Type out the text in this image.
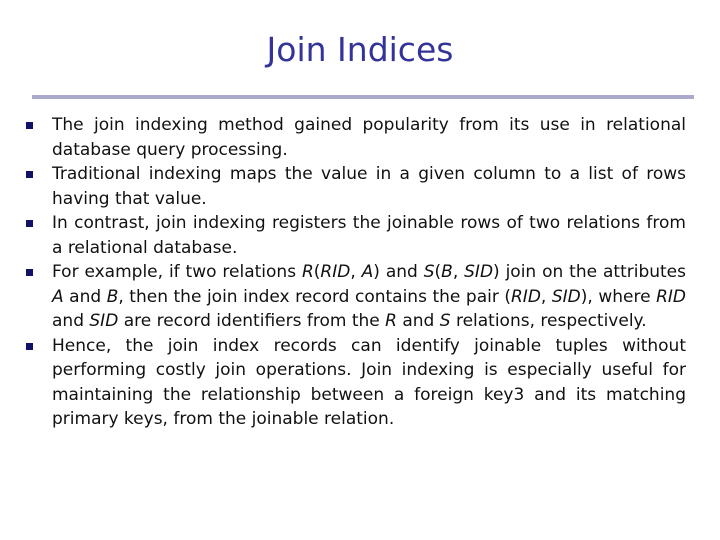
Join Indices
The join indexing method gained popularity from its use in relational database query processing.
Traditional indexing maps the value in a given column to a list of rows having that value.
In contrast, join indexing registers the joinable rows of two relations from a relational database.
For example, if two relations R(RID, A) and S(B, SID) join on the attributes A and B, then the join index record contains the pair (RID, SID), where RID and SID are record identifiers from the R and S relations, respectively.
Hence, the join index records can identify joinable tuples without performing costly join operations. Join indexing is especially useful for maintaining the relationship between a foreign key3 and its matching primary keys, from the joinable relation.
